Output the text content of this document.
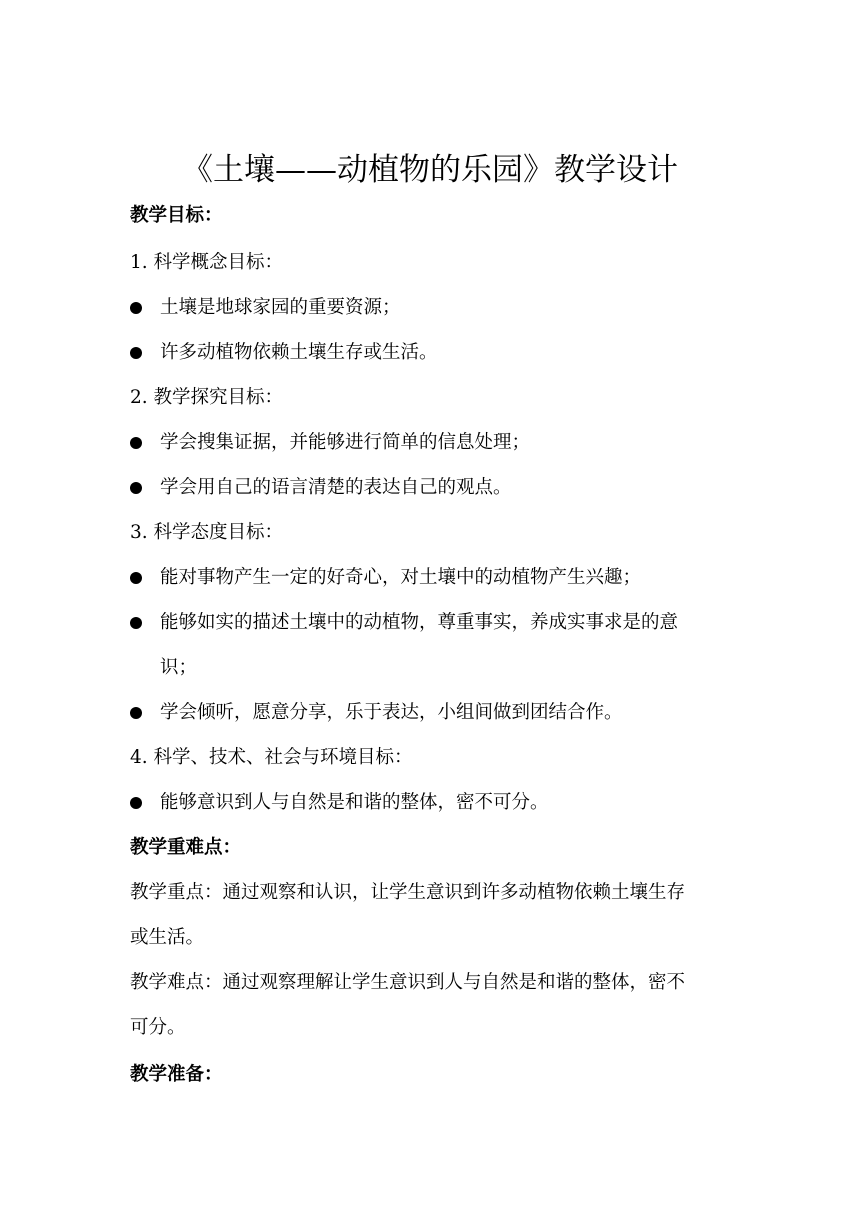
《土壤——动植物的乐园》教学设计
教学目标：
1. 科学概念目标：
土壤是地球家园的重要资源；
许多动植物依赖土壤生存或生活。
2. 教学探究目标：
学会搜集证据，并能够进行简单的信息处理；
学会用自己的语言清楚的表达自己的观点。
3. 科学态度目标：
能对事物产生一定的好奇心，对土壤中的动植物产生兴趣；
能够如实的描述土壤中的动植物，尊重事实，养成实事求是的意
识；
学会倾听，愿意分享，乐于表达，小组间做到团结合作。
4. 科学、技术、社会与环境目标：
能够意识到人与自然是和谐的整体，密不可分。
教学重难点：
教学重点：通过观察和认识，让学生意识到许多动植物依赖土壤生存
或生活。
教学难点：通过观察理解让学生意识到人与自然是和谐的整体，密不
可分。
教学准备：
